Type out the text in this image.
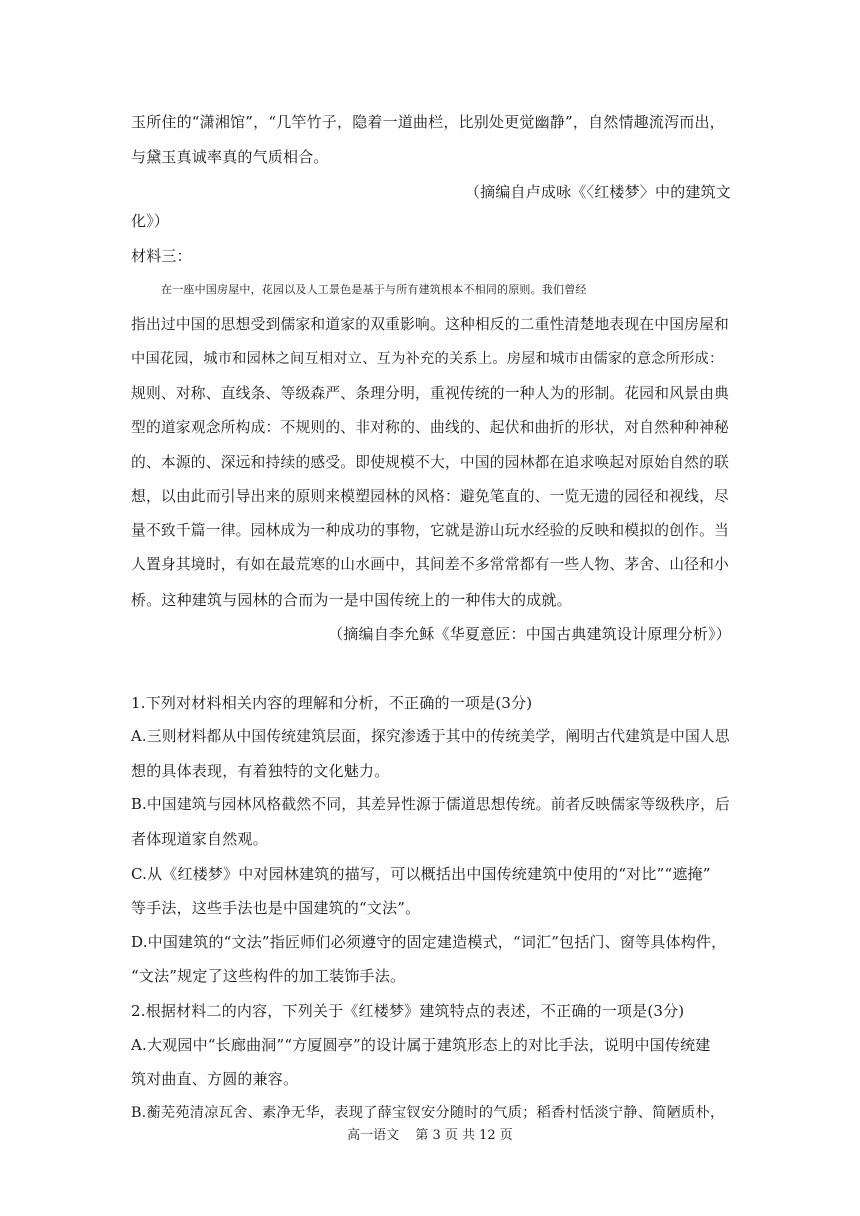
玉所住的“潇湘馆”，“几竿竹子，隐着一道曲栏，比别处更觉幽静”，自然情趣流泻而出，
与黛玉真诚率真的气质相合。
（摘编自卢成咏《〈红楼梦〉中的建筑文
化》）
材料三：
在一座中国房屋中，花园以及人工景色是基于与所有建筑根本不相同的原则。我们曾经
指出过中国的思想受到儒家和道家的双重影响。这种相反的二重性清楚地表现在中国房屋和
中国花园，城市和园林之间互相对立、互为补充的关系上。房屋和城市由儒家的意念所形成：
规则、对称、直线条、等级森严、条理分明，重视传统的一种人为的形制。花园和风景由典
型的道家观念所构成：不规则的、非对称的、曲线的、起伏和曲折的形状，对自然种种神秘
的、本源的、深远和持续的感受。即使规模不大，中国的园林都在追求唤起对原始自然的联
想，以由此而引导出来的原则来模塑园林的风格：避免笔直的、一览无遗的园径和视线，尽
量不致千篇一律。园林成为一种成功的事物，它就是游山玩水经验的反映和模拟的创作。当
人置身其境时，有如在最荒寒的山水画中，其间差不多常常都有一些人物、茅舍、山径和小
桥。这种建筑与园林的合而为一是中国传统上的一种伟大的成就。
（摘编自李允稣《华夏意匠：中国古典建筑设计原理分析》）
1.下列对材料相关内容的理解和分析，不正确的一项是(3分)
A.三则材料都从中国传统建筑层面，探究渗透于其中的传统美学，阐明古代建筑是中国人思
想的具体表现，有着独特的文化魅力。
B.中国建筑与园林风格截然不同，其差异性源于儒道思想传统。前者反映儒家等级秩序，后
者体现道家自然观。
C.从《红楼梦》中对园林建筑的描写，可以概括出中国传统建筑中使用的“对比”“遮掩”
等手法，这些手法也是中国建筑的“文法”。
D.中国建筑的“文法”指匠师们必须遵守的固定建造模式，“词汇”包括门、窗等具体构件，
“文法”规定了这些构件的加工装饰手法。
2.根据材料二的内容，下列关于《红楼梦》建筑特点的表述，不正确的一项是(3分)
A.大观园中“长廊曲洞”“方厦圆亭”的设计属于建筑形态上的对比手法，说明中国传统建
筑对曲直、方圆的兼容。
B.蘅芜苑清凉瓦舍、素净无华，表现了薛宝钗安分随时的气质；稻香村恬淡宁静、简陋质朴，
高一语文 第 3 页 共 12 页
